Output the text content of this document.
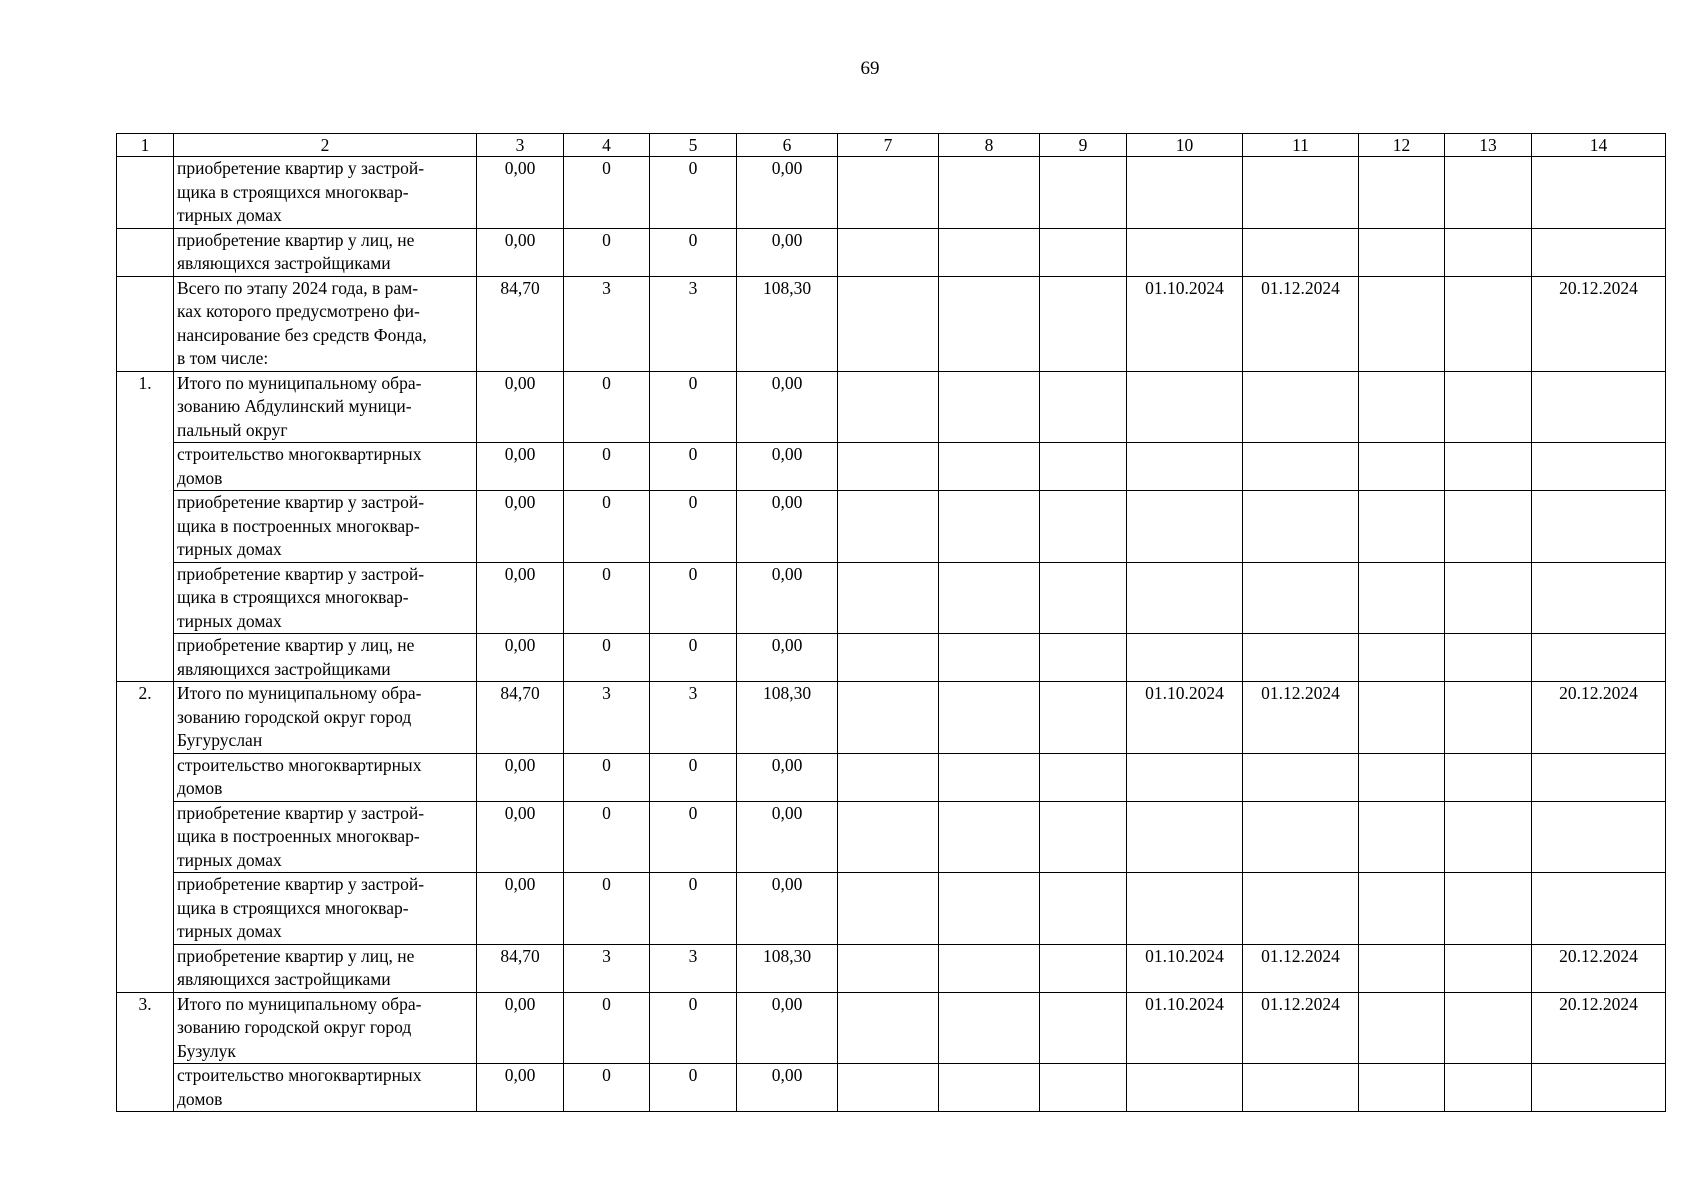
69
1	2	3	4	5	6	7	8	9	10	11	12	13	14
	приобретение квартир у застрой-
щика в строящихся многоквар-
тирных домах	0,00	0	0	0,00								
	приобретение квартир у лиц, не
являющихся застройщиками	0,00	0	0	0,00								
	Всего по этапу 2024 года, в рам-
ках которого предусмотрено фи-
нансирование без средств Фонда,
в том числе:	84,70	3	3	108,30				01.10.2024	01.12.2024			20.12.2024
1.	Итого по муниципальному обра-
зованию Абдулинский муници-
пальный округ	0,00	0	0	0,00								
	строительство многоквартирных
домов	0,00	0	0	0,00								
	приобретение квартир у застрой-
щика в построенных многоквар-
тирных домах	0,00	0	0	0,00								
	приобретение квартир у застрой-
щика в строящихся многоквар-
тирных домах	0,00	0	0	0,00								
	приобретение квартир у лиц, не
являющихся застройщиками	0,00	0	0	0,00								
2.	Итого по муниципальному обра-
зованию городской округ город
Бугуруслан	84,70	3	3	108,30				01.10.2024	01.12.2024			20.12.2024
	строительство многоквартирных
домов	0,00	0	0	0,00								
	приобретение квартир у застрой-
щика в построенных многоквар-
тирных домах	0,00	0	0	0,00								
	приобретение квартир у застрой-
щика в строящихся многоквар-
тирных домах	0,00	0	0	0,00								
	приобретение квартир у лиц, не
являющихся застройщиками	84,70	3	3	108,30				01.10.2024	01.12.2024			20.12.2024
3.	Итого по муниципальному обра-
зованию городской округ город
Бузулук	0,00	0	0	0,00				01.10.2024	01.12.2024			20.12.2024
	строительство многоквартирных
домов	0,00	0	0	0,00								
